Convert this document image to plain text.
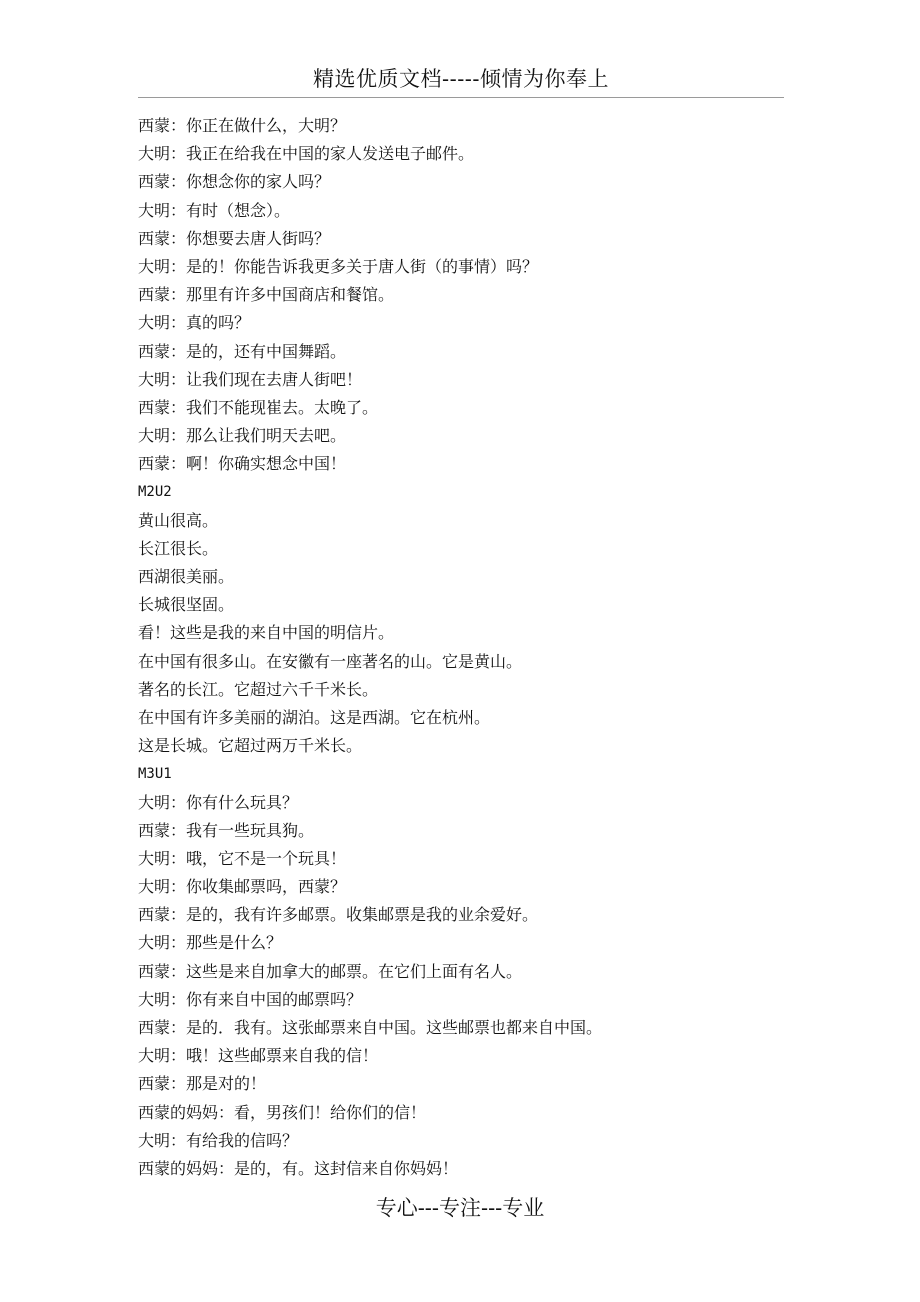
精选优质文档-----倾情为你奉上
西蒙：你正在做什么，大明？
大明：我正在给我在中国的家人发送电子邮件。
西蒙：你想念你的家人吗？
大明：有时（想念）。
西蒙：你想要去唐人街吗？
大明：是的！你能告诉我更多关于唐人街（的事情）吗？
西蒙：那里有许多中国商店和餐馆。
大明：真的吗？
西蒙：是的，还有中国舞蹈。
大明：让我们现在去唐人街吧！
西蒙：我们不能现崔去。太晚了。
大明：那么让我们明天去吧。
西蒙：啊！你确实想念中国！
M2U2
黄山很高。
长江很长。
西湖很美丽。
长城很坚固。
看！这些是我的来自中国的明信片。
在中国有很多山。在安徽有一座著名的山。它是黄山。
著名的长江。它超过六千千米长。
在中国有许多美丽的湖泊。这是西湖。它在杭州。
这是长城。它超过两万千米长。
M3U1
大明：你有什么玩具？
西蒙：我有一些玩具狗。
大明：哦，它不是一个玩具！
大明：你收集邮票吗，西蒙？
西蒙：是的，我有许多邮票。收集邮票是我的业余爱好。
大明：那些是什么？
西蒙：这些是来自加拿大的邮票。在它们上面有名人。
大明：你有来自中国的邮票吗？
西蒙：是的．我有。这张邮票来自中国。这些邮票也都来自中国。
大明：哦！这些邮票来自我的信！
西蒙：那是对的！
西蒙的妈妈：看，男孩们！给你们的信！
大明：有给我的信吗？
西蒙的妈妈：是的，有。这封信来自你妈妈！
专心---专注---专业
